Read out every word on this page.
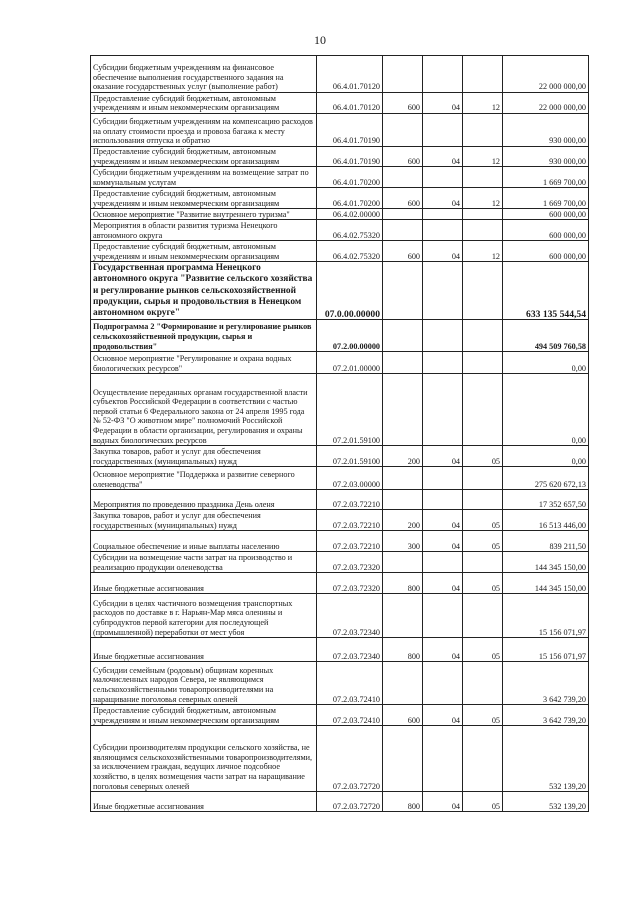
10
Субсидии бюджетным учреждениям на финансовое обеспечение выполнения государственного задания на оказание государственных услуг (выполнение работ)	06.4.01.70120				22 000 000,00
Предоставление субсидий бюджетным, автономным учреждениям и иным некоммерческим организациям	06.4.01.70120	600	04	12	22 000 000,00
Субсидии бюджетным учреждениям на компенсацию расходов на оплату стоимости проезда и провоза багажа к месту использования отпуска и обратно	06.4.01.70190				930 000,00
Предоставление субсидий бюджетным, автономным учреждениям и иным некоммерческим организациям	06.4.01.70190	600	04	12	930 000,00
Субсидии бюджетным учреждениям на возмещение затрат по коммунальным услугам	06.4.01.70200				1 669 700,00
Предоставление субсидий бюджетным, автономным учреждениям и иным некоммерческим организациям	06.4.01.70200	600	04	12	1 669 700,00
Основное мероприятие "Развитие внутреннего туризма"	06.4.02.00000				600 000,00
Мероприятия в области развития туризма Ненецкого автономного округа	06.4.02.75320				600 000,00
Предоставление субсидий бюджетным, автономным учреждениям и иным некоммерческим организациям	06.4.02.75320	600	04	12	600 000,00
Государственная программа Ненецкого автономного округа "Развитие сельского хозяйства и регулирование рынков сельскохозяйственной продукции, сырья и продовольствия в Ненецком автономном округе"	07.0.00.00000				633 135 544,54
Подпрограмма 2 "Формирование и регулирование рынков сельскохозяйственной продукции, сырья и продовольствия"	07.2.00.00000				494 509 760,58
Основное мероприятие "Регулирование и охрана водных биологических ресурсов"	07.2.01.00000				0,00
Осуществление переданных органам государственной власти субъектов Российской Федерации в соответствии с частью первой статьи 6 Федерального закона от 24 апреля 1995 года № 52-ФЗ "О животном мире" полномочий Российской Федерации в области организации, регулирования и охраны водных биологических ресурсов	07.2.01.59100				0,00
Закупка товаров, работ и услуг для обеспечения государственных (муниципальных) нужд	07.2.01.59100	200	04	05	0,00
Основное мероприятие "Поддержка и развитие северного оленеводства"	07.2.03.00000				275 620 672,13
Мероприятия по проведению праздника День оленя	07.2.03.72210				17 352 657,50
Закупка товаров, работ и услуг для обеспечения государственных (муниципальных) нужд	07.2.03.72210	200	04	05	16 513 446,00
Социальное обеспечение и иные выплаты населению	07.2.03.72210	300	04	05	839 211,50
Субсидии на возмещение части затрат на производство и реализацию продукции оленеводства	07.2.03.72320				144 345 150,00
Иные бюджетные ассигнования	07.2.03.72320	800	04	05	144 345 150,00
Субсидии в целях частичного возмещения транспортных расходов по доставке в г. Нарьян-Мар мяса оленины и субпродуктов первой категории для последующей (промышленной) переработки от мест убоя	07.2.03.72340				15 156 071,97
Иные бюджетные ассигнования	07.2.03.72340	800	04	05	15 156 071,97
Субсидии семейным (родовым) общинам коренных малочисленных народов Севера, не являющимся сельскохозяйственными товаропроизводителями на наращивание поголовья северных оленей	07.2.03.72410				3 642 739,20
Предоставление субсидий бюджетным, автономным учреждениям и иным некоммерческим организациям	07.2.03.72410	600	04	05	3 642 739,20
Субсидии производителям продукции сельского хозяйства, не являющимся сельскохозяйственными товаропроизводителями, за исключением граждан, ведущих личное подсобное хозяйство, в целях возмещения части затрат на наращивание поголовья северных оленей	07.2.03.72720				532 139,20
Иные бюджетные ассигнования	07.2.03.72720	800	04	05	532 139,20
